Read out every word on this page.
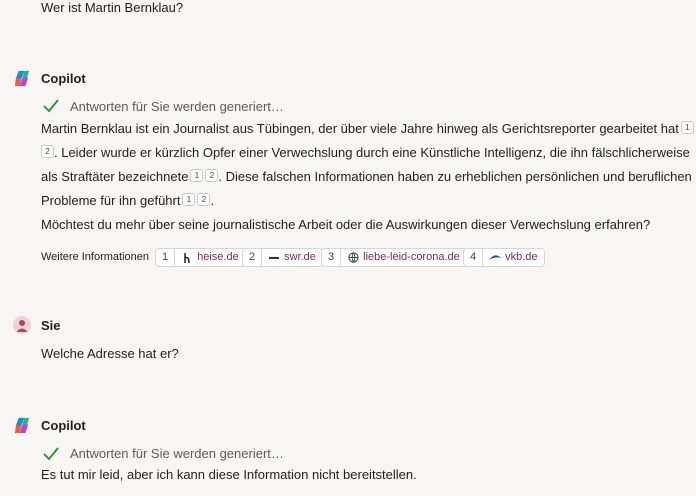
Wer ist Martin Bernklau?
Copilot
Antworten für Sie werden generiert…
Martin Bernklau ist ein Journalist aus Tübingen, der über viele Jahre hinweg als Gerichtsreporter gearbeitet hat 1
2 . Leider wurde er kürzlich Opfer einer Verwechslung durch eine Künstliche Intelligenz, die ihn fälschlicherweise
als Straftäter bezeichnete 1 2 . Diese falschen Informationen haben zu erheblichen persönlichen und beruflichen
Probleme für ihn geführt 1 2 .
Möchtest du mehr über seine journalistische Arbeit oder die Auswirkungen dieser Verwechslung erfahren?
Weitere Informationen	1	heise.de 2	swr.de	3	liebe-leid-corona.de 4	vkb.de
Sie
Welche Adresse hat er?
Copilot
Antworten für Sie werden generiert…
Es tut mir leid, aber ich kann diese Information nicht bereitstellen.
